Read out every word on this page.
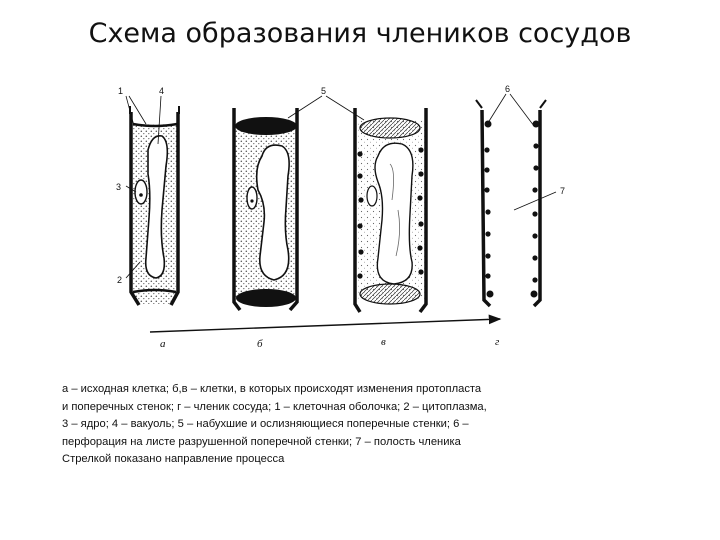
Схема образования члеников сосудов
1	4
3
2
5	6
7
а	б	в	г
а – исходная клетка; б,в – клетки, в которых происходят изменения протопласта
и поперечных стенок; г – членик сосуда; 1 – клеточная оболочка; 2 – цитоплазма,
3 – ядро; 4 – вакуоль; 5 – набухшие и ослизняющиеся поперечные стенки; 6 –
перфорация на листе разрушенной поперечной стенки; 7 – полость членика
Стрелкой показано направление процесса
